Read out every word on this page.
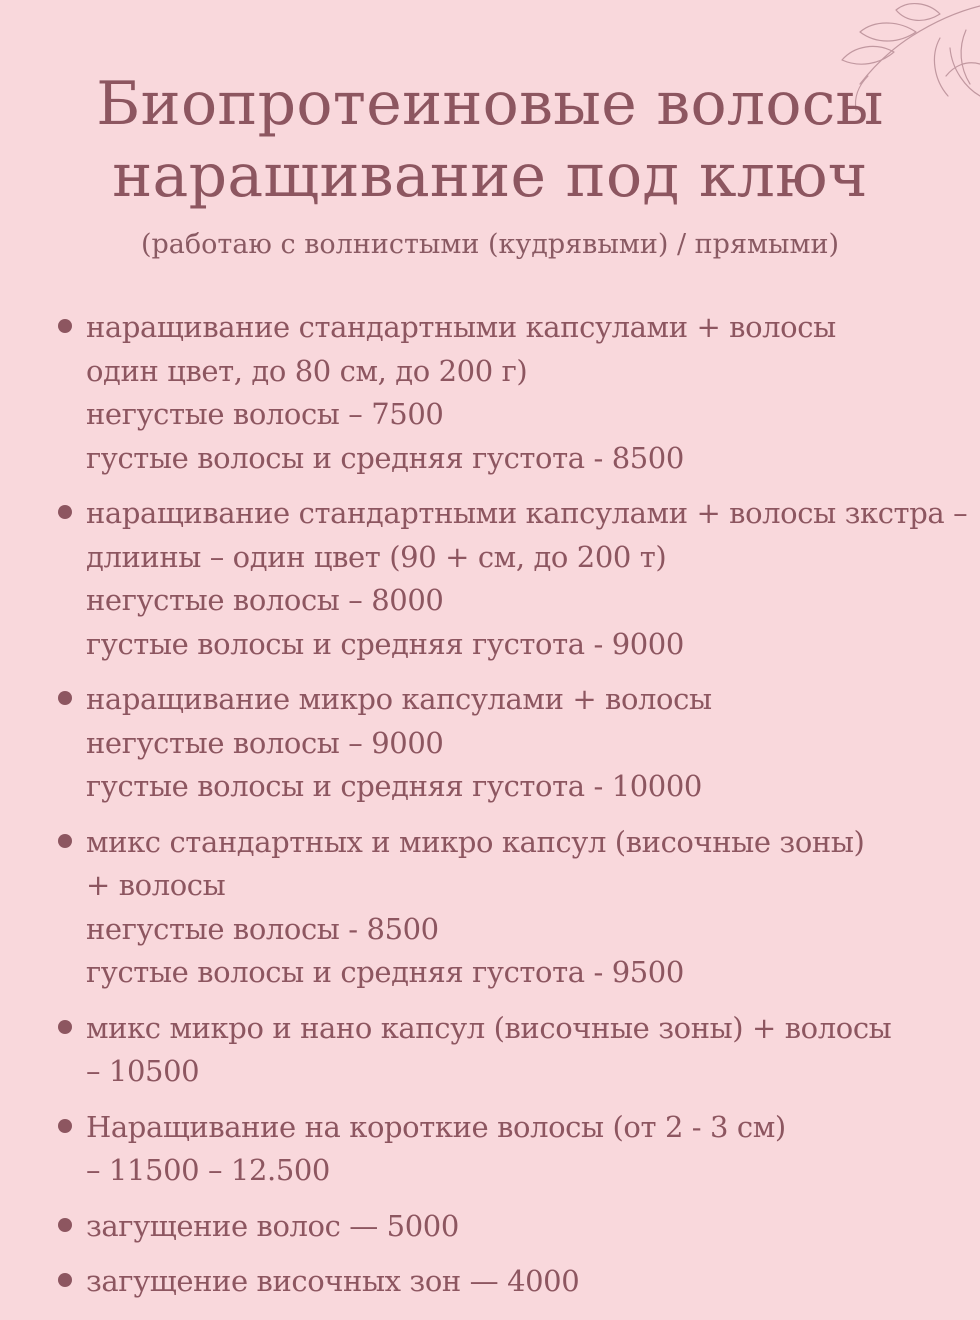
Биопротеиновые волосы
наращивание под ключ

(работаю с волнистыми (кудрявыми) / прямыми)

наращивание стандартными капсулами + волосы
один цвет, до 80 см, до 200 г)
негустые волосы – 7500
густые волосы и средняя густота - 8500
наращивание стандартными капсулами + волосы зкстра –
длиины – один цвет (90 + см, до 200 т)
негустые волосы – 8000
густые волосы и средняя густота - 9000
наращивание микро капсулами + волосы
негустые волосы – 9000
густые волосы и средняя густота - 10000
микс стандартных и микро капсул (височные зоны)
+ волосы
негустые волосы - 8500
густые волосы и средняя густота - 9500
микс микро и нано капсул (височные зоны) + волосы
– 10500
Наращивание на короткие волосы (от 2 - 3 см)
– 11500 – 12.500
загущение волос — 5000
загущение височных зон — 4000
